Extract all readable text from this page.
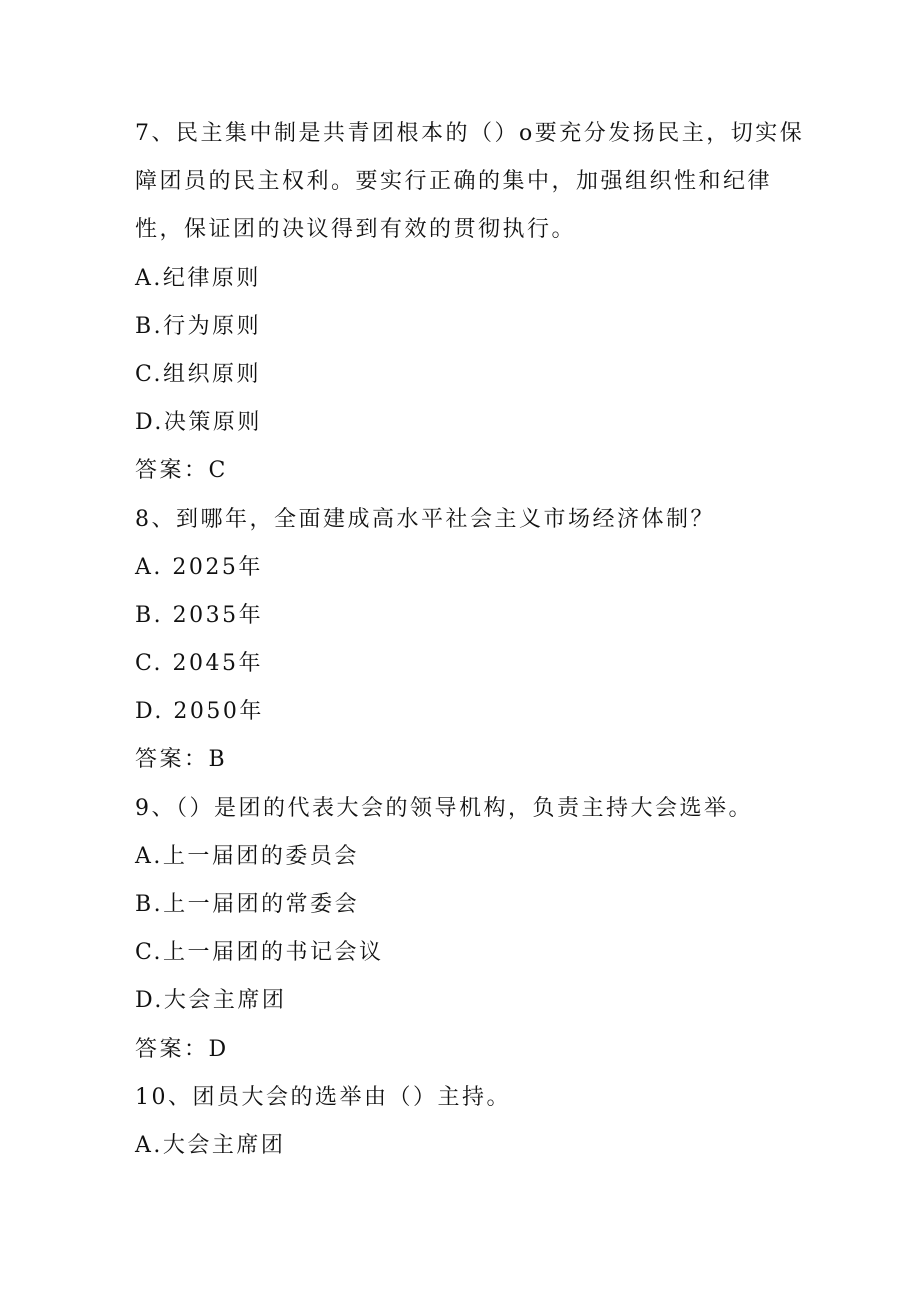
7、民主集中制是共青团根本的（）o要充分发扬民主，切实保
障团员的民主权利。要实行正确的集中，加强组织性和纪律
性，保证团的决议得到有效的贯彻执行。
A.纪律原则
B.行为原则
C.组织原则
D.决策原则
答案：C
8、到哪年，全面建成高水平社会主义市场经济体制？
A. 2025年
B. 2035年
C. 2045年
D. 2050年
答案：B
9、（）是团的代表大会的领导机构，负责主持大会选举。
A.上一届团的委员会
B.上一届团的常委会
C.上一届团的书记会议
D.大会主席团
答案：D
10、团员大会的选举由（）主持。
A.大会主席团
